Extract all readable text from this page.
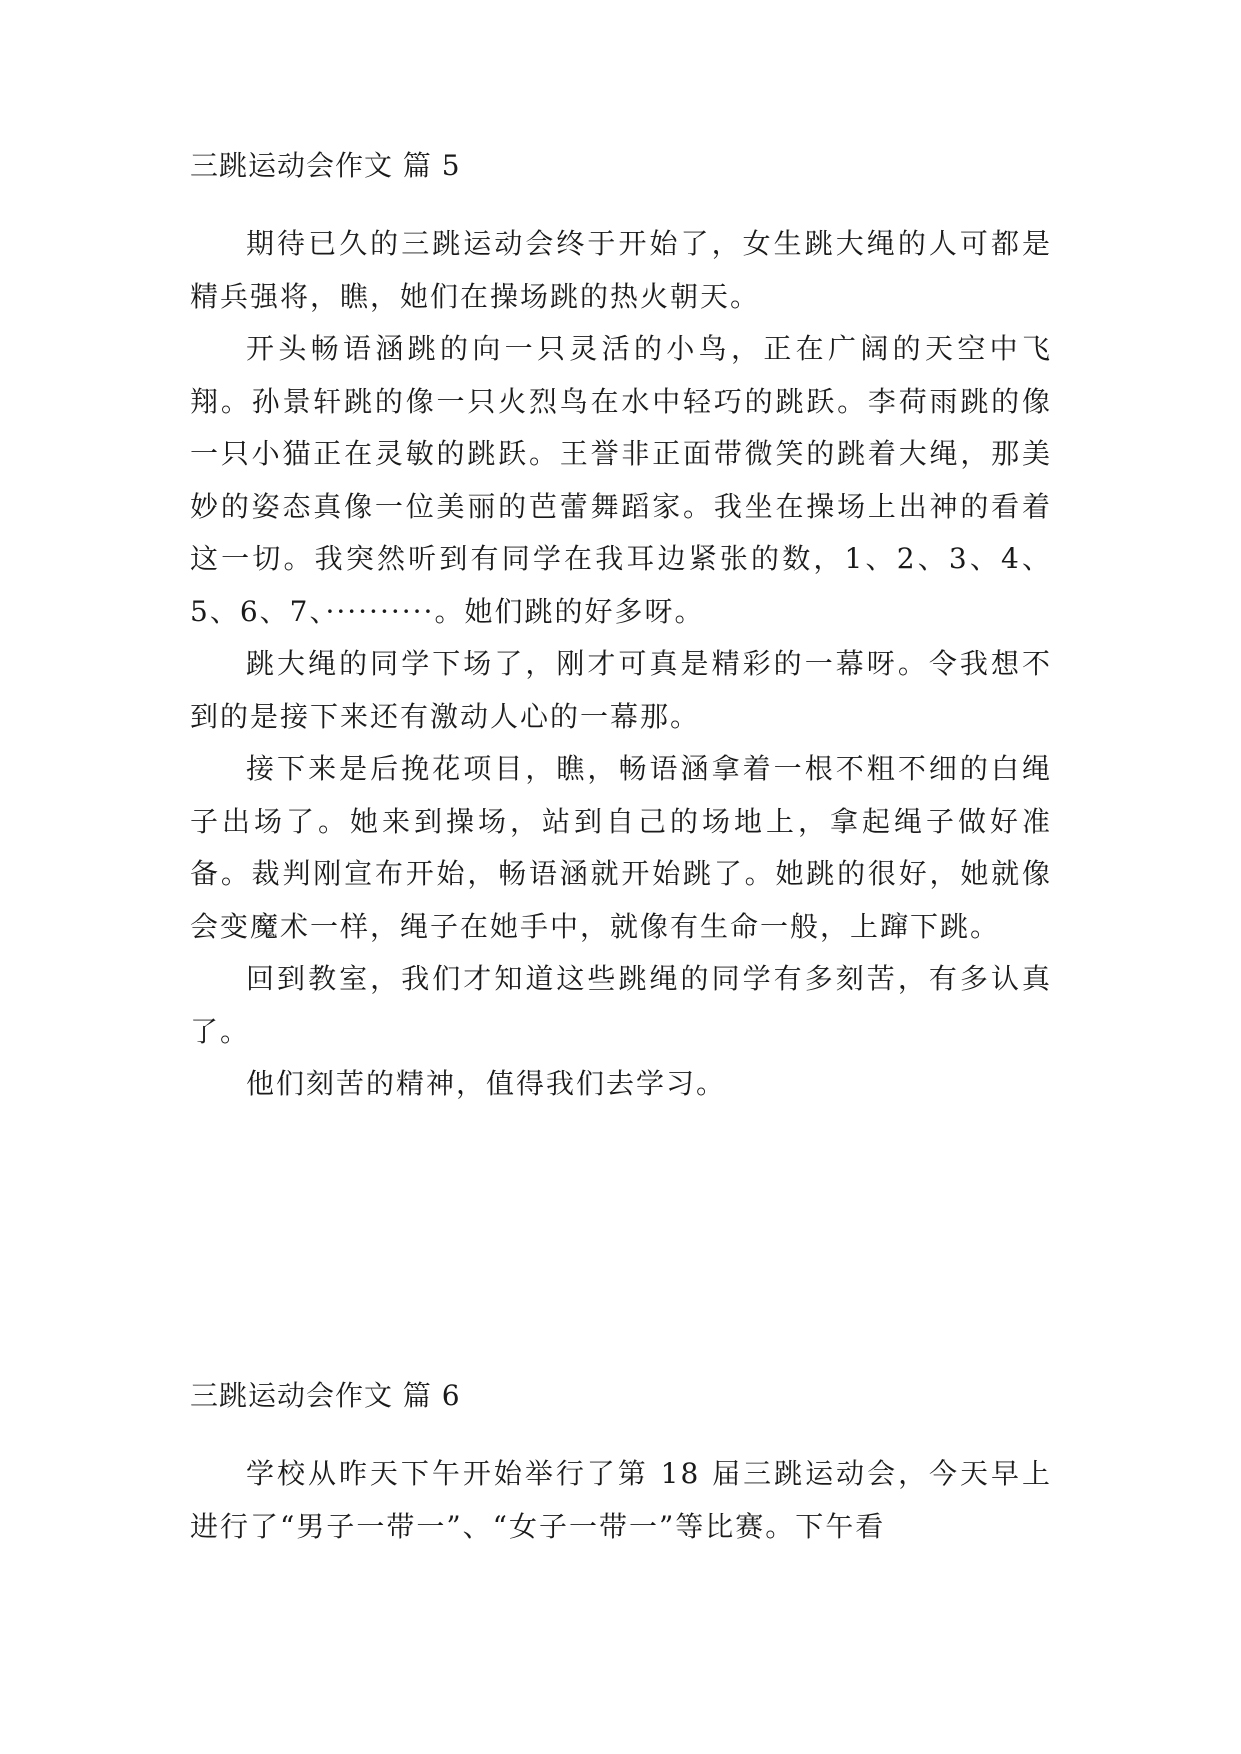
三跳运动会作文 篇 5

期待已久的三跳运动会终于开始了，女生跳大绳的人可都是精兵强将，瞧，她们在操场跳的热火朝天。

开头畅语涵跳的向一只灵活的小鸟，正在广阔的天空中飞翔。孙景轩跳的像一只火烈鸟在水中轻巧的跳跃。李荷雨跳的像一只小猫正在灵敏的跳跃。王誉非正面带微笑的跳着大绳，那美妙的姿态真像一位美丽的芭蕾舞蹈家。我坐在操场上出神的看着这一切。我突然听到有同学在我耳边紧张的数，1、2、3、4、5、6、7、··········。她们跳的好多呀。

跳大绳的同学下场了，刚才可真是精彩的一幕呀。令我想不到的是接下来还有激动人心的一幕那。

接下来是后挽花项目，瞧，畅语涵拿着一根不粗不细的白绳子出场了。她来到操场，站到自己的场地上，拿起绳子做好准备。裁判刚宣布开始，畅语涵就开始跳了。她跳的很好，她就像会变魔术一样，绳子在她手中，就像有生命一般，上蹿下跳。

回到教室，我们才知道这些跳绳的同学有多刻苦，有多认真了。

他们刻苦的精神，值得我们去学习。

三跳运动会作文 篇 6

学校从昨天下午开始举行了第 18 届三跳运动会，今天早上进行了“男子一带一”、“女子一带一”等比赛。下午看
